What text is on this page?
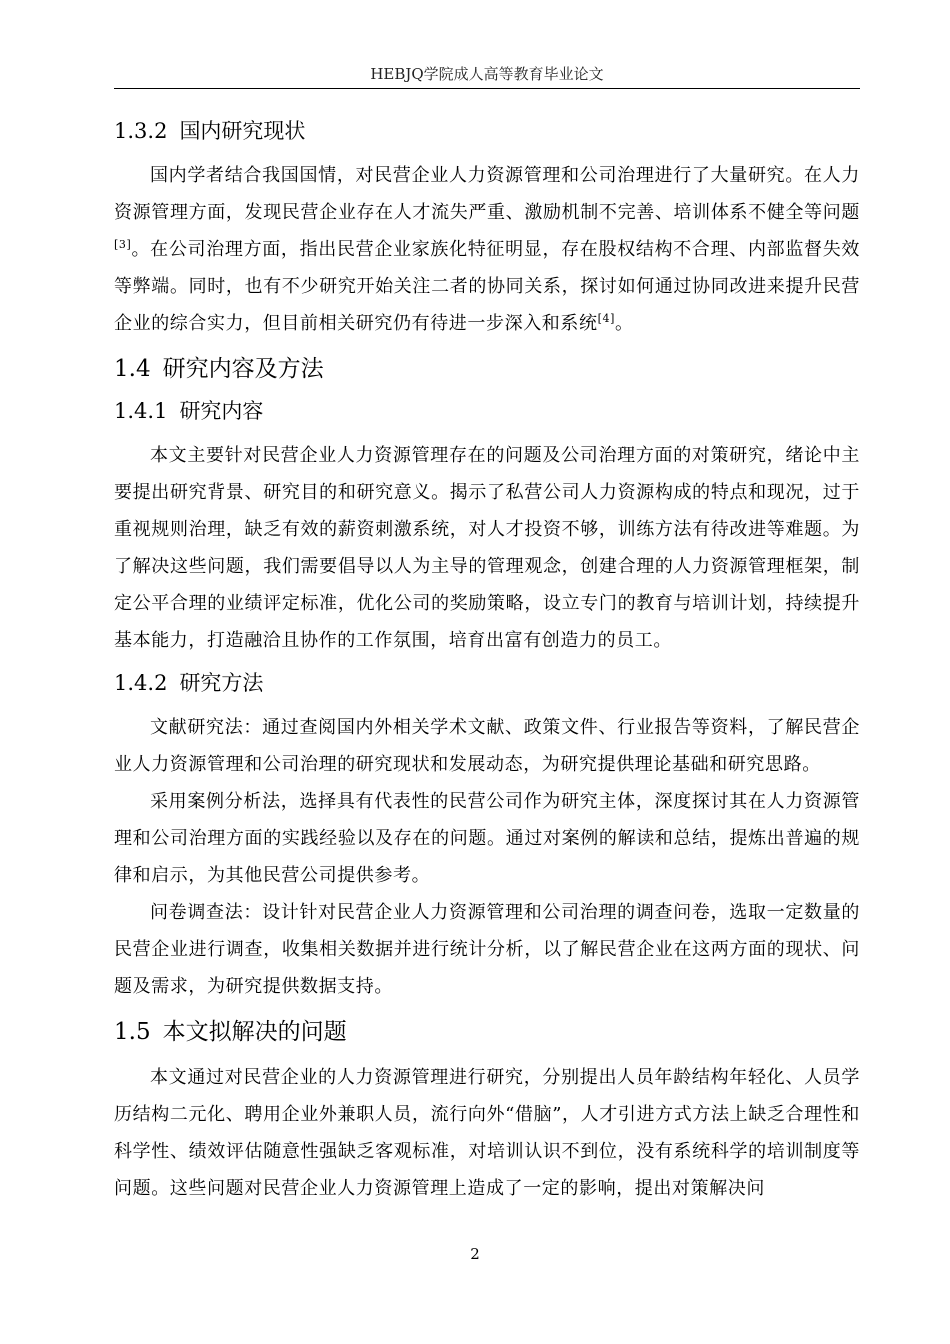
HEBJQ学院成人高等教育毕业论文
1.3.2 国内研究现状

国内学者结合我国国情，对民营企业人力资源管理和公司治理进行了大量研究。在人力资源管理方面，发现民营企业存在人才流失严重、激励机制不完善、培训体系不健全等问题[3]。在公司治理方面，指出民营企业家族化特征明显，存在股权结构不合理、内部监督失效等弊端。同时，也有不少研究开始关注二者的协同关系，探讨如何通过协同改进来提升民营企业的综合实力，但目前相关研究仍有待进一步深入和系统[4]。

1.4 研究内容及方法
1.4.1 研究内容

本文主要针对民营企业人力资源管理存在的问题及公司治理方面的对策研究，绪论中主要提出研究背景、研究目的和研究意义。揭示了私营公司人力资源构成的特点和现况，过于重视规则治理，缺乏有效的薪资刺激系统，对人才投资不够，训练方法有待改进等难题。为了解决这些问题，我们需要倡导以人为主导的管理观念，创建合理的人力资源管理框架，制定公平合理的业绩评定标准，优化公司的奖励策略，设立专门的教育与培训计划，持续提升基本能力，打造融洽且协作的工作氛围，培育出富有创造力的员工。

1.4.2 研究方法

文献研究法：通过查阅国内外相关学术文献、政策文件、行业报告等资料，了解民营企业人力资源管理和公司治理的研究现状和发展动态，为研究提供理论基础和研究思路。

采用案例分析法，选择具有代表性的民营公司作为研究主体，深度探讨其在人力资源管理和公司治理方面的实践经验以及存在的问题。通过对案例的解读和总结，提炼出普遍的规律和启示，为其他民营公司提供参考。

问卷调查法：设计针对民营企业人力资源管理和公司治理的调查问卷，选取一定数量的民营企业进行调查，收集相关数据并进行统计分析，以了解民营企业在这两方面的现状、问题及需求，为研究提供数据支持。

1.5 本文拟解决的问题

本文通过对民营企业的人力资源管理进行研究，分别提出人员年龄结构年轻化、人员学历结构二元化、聘用企业外兼职人员，流行向外“借脑”，人才引进方式方法上缺乏合理性和科学性、绩效评估随意性强缺乏客观标准，对培训认识不到位，没有系统科学的培训制度等问题。这些问题对民营企业人力资源管理上造成了一定的影响，提出对策解决问

2
